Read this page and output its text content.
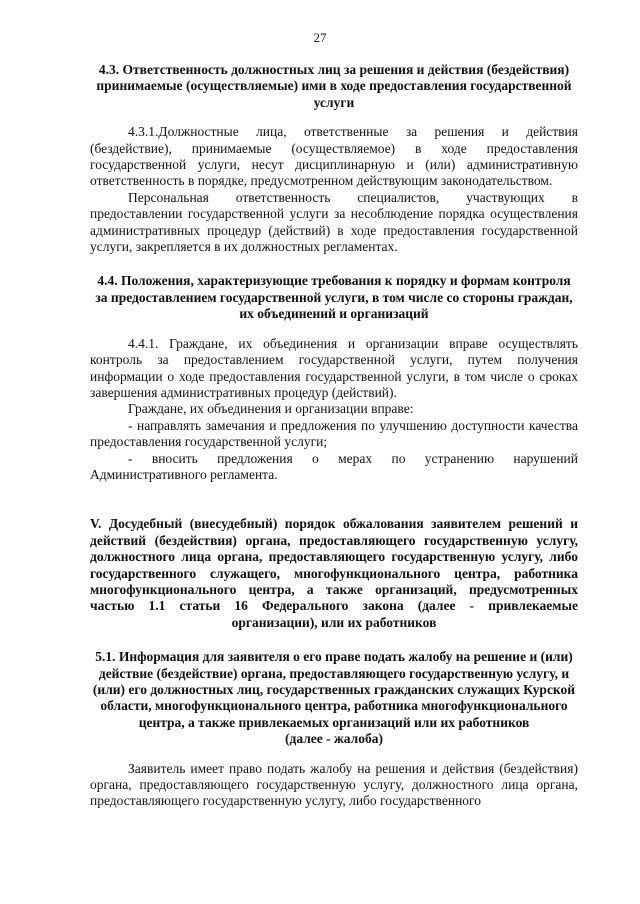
27

4.3. Ответственность должностных лиц за решения и действия (бездействия) принимаемые (осуществляемые) ими в ходе предоставления государственной услуги

4.3.1.Должностные лица, ответственные за решения и действия (бездействие), принимаемые (осуществляемое) в ходе предоставления государственной услуги, несут дисциплинарную и (или) административную ответственность в порядке, предусмотренном действующим законодательством.

Персональная ответственность специалистов, участвующих в предоставлении государственной услуги за несоблюдение порядка осуществления административных процедур (действий) в ходе предоставления государственной услуги, закрепляется в их должностных регламентах.

4.4. Положения, характеризующие требования к порядку и формам контроля за предоставлением государственной услуги, в том числе со стороны граждан, их объединений и организаций

4.4.1. Граждане, их объединения и организации вправе осуществлять контроль за предоставлением государственной услуги, путем получения информации о ходе предоставления государственной услуги, в том числе о сроках завершения административных процедур (действий).

Граждане, их объединения и организации вправе:

- направлять замечания и предложения по улучшению доступности качества предоставления государственной услуги;

- вносить предложения о мерах по устранению нарушений Административного регламента.

V. Досудебный (внесудебный) порядок обжалования заявителем решений и действий (бездействия) органа, предоставляющего государственную услугу, должностного лица органа, предоставляющего государственную услугу, либо государственного служащего, многофункционального центра, работника многофункционального центра, а также организаций, предусмотренных частью 1.1 статьи 16 Федерального закона (далее - привлекаемые организации), или их работников

5.1. Информация для заявителя о его праве подать жалобу на решение и (или) действие (бездействие) органа, предоставляющего государственную услугу, и (или) его должностных лиц, государственных гражданских служащих Курской области, многофункционального центра, работника многофункционального центра, а также привлекаемых организаций или их работников

(далее - жалоба)

Заявитель имеет право подать жалобу на решения и действия (бездействия) органа, предоставляющего государственную услугу, должностного лица органа, предоставляющего государственную услугу, либо государственного
